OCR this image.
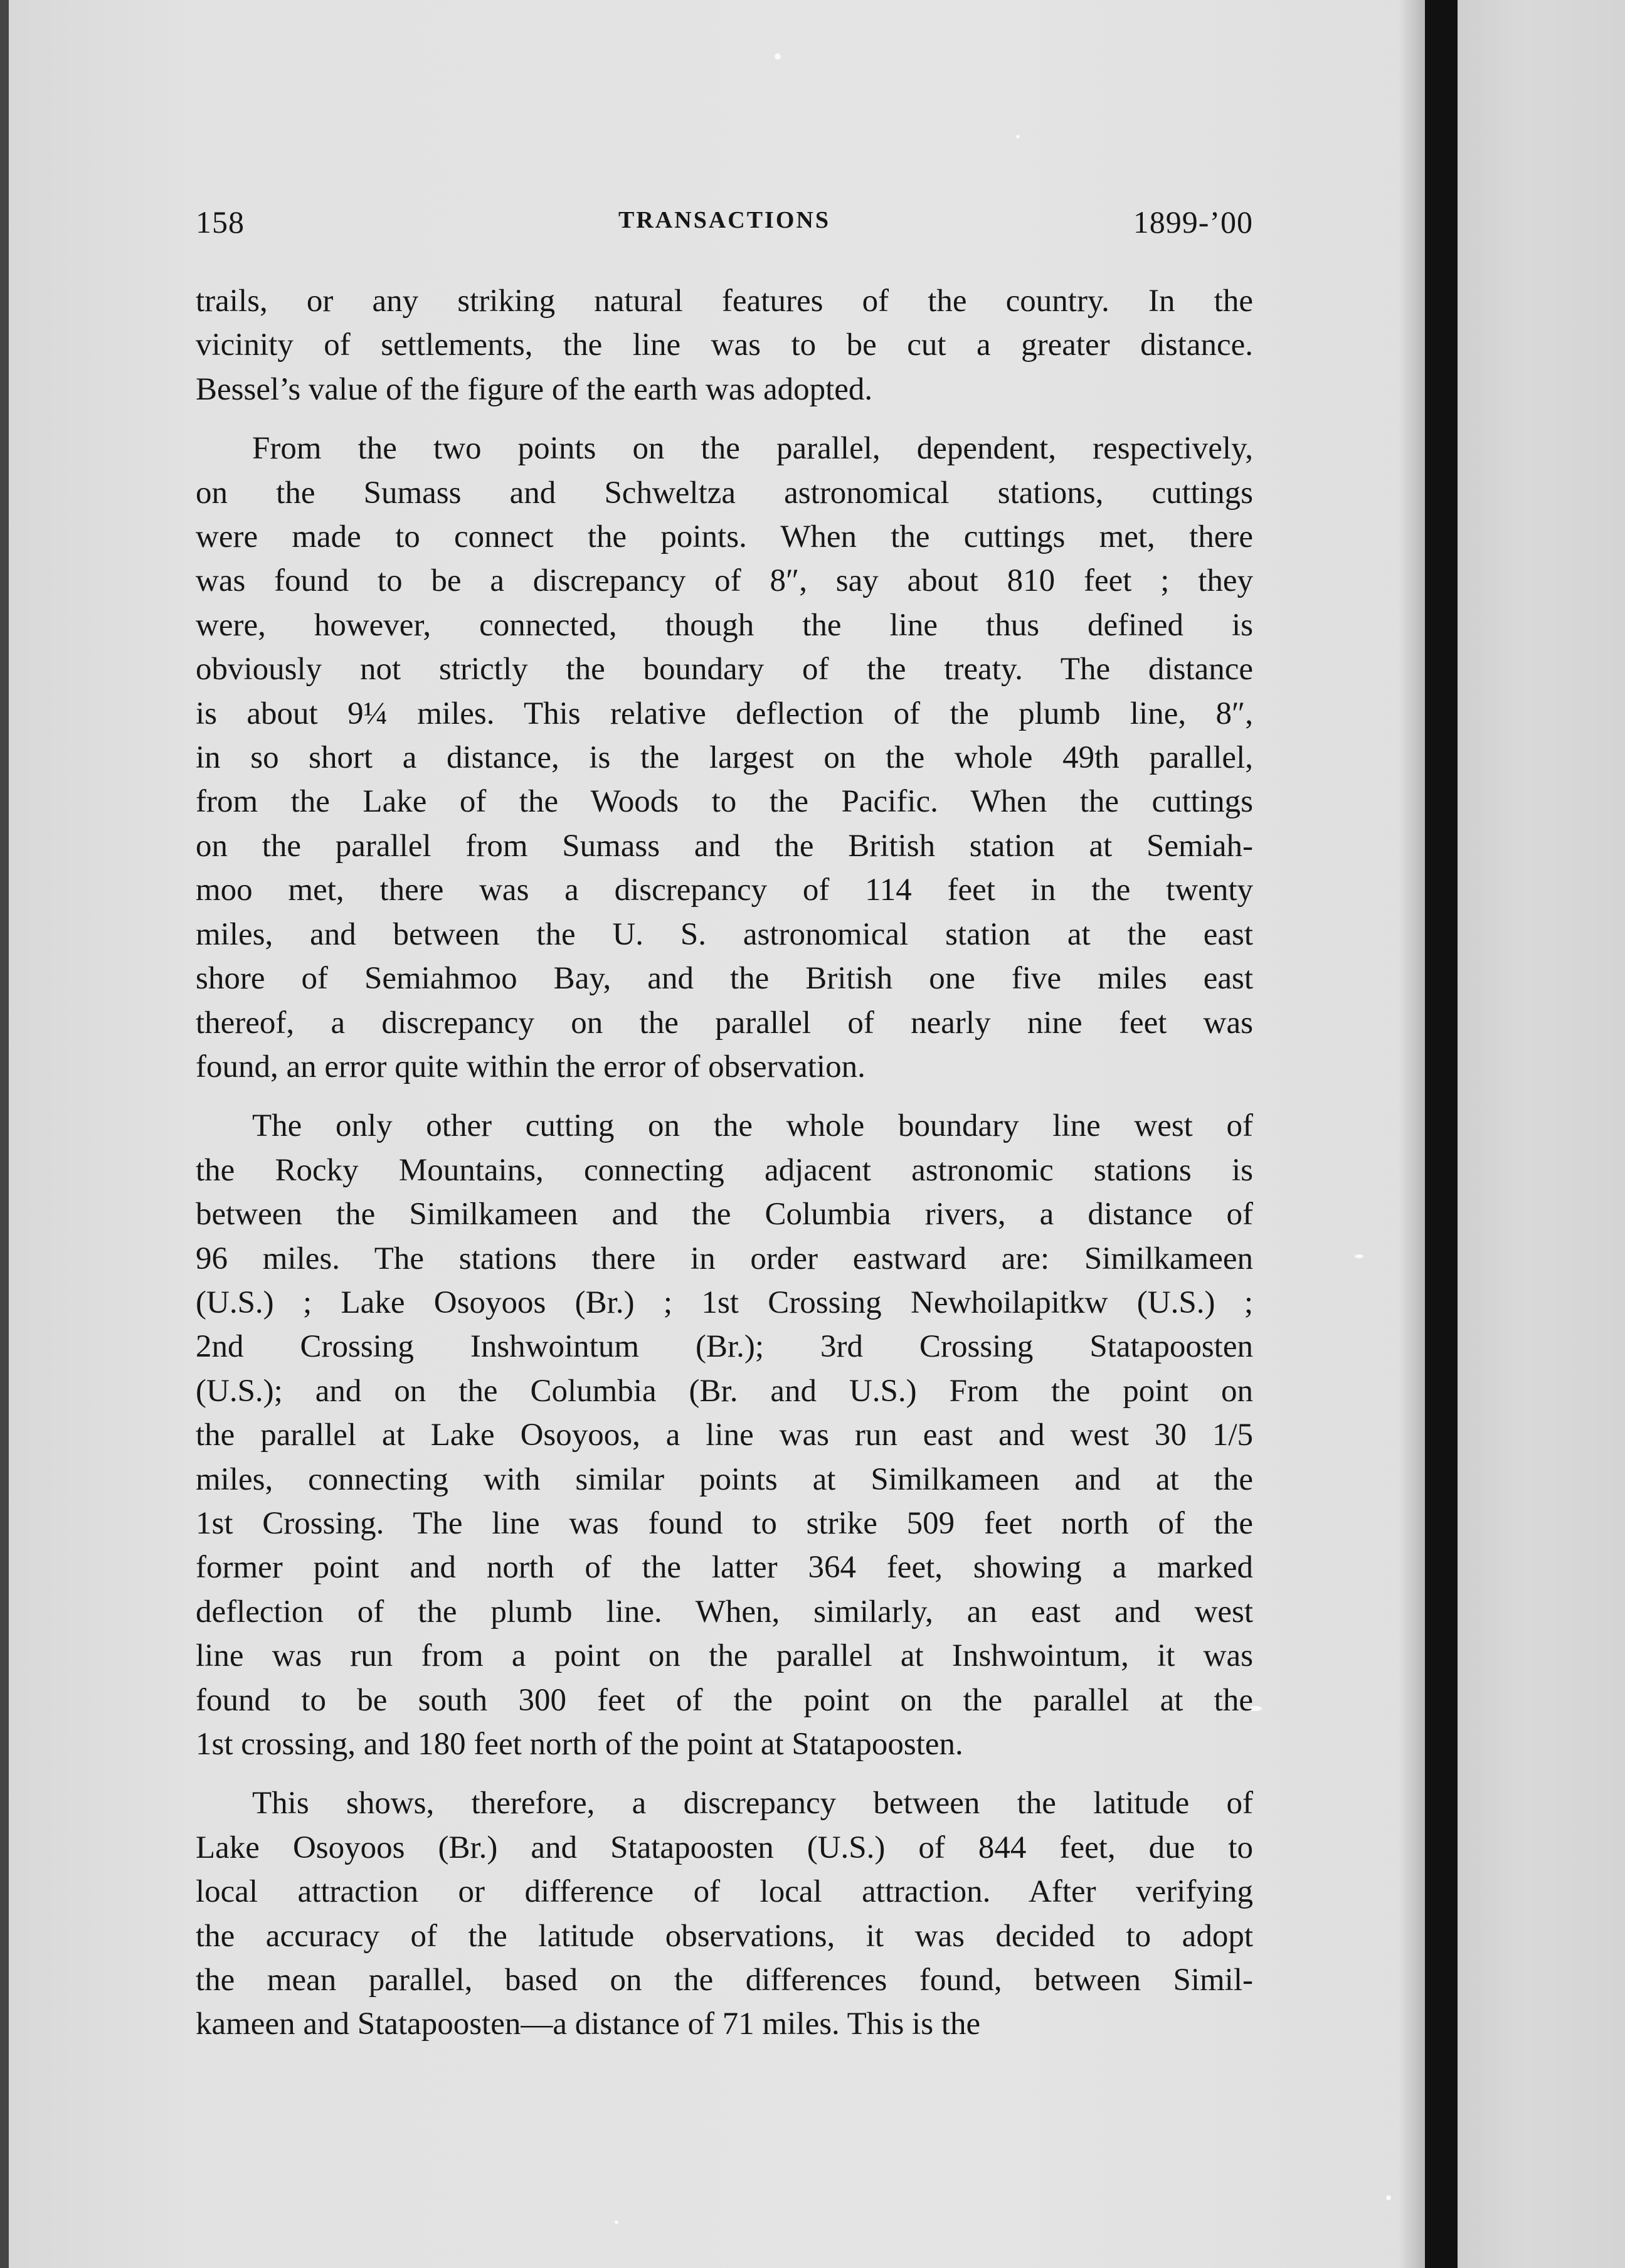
158	TRANSACTIONS	1899-’00

trails, or any striking natural features of the country. In the
vicinity of settlements, the line was to be cut a greater distance.
Bessel’s value of the figure of the earth was adopted.

From the two points on the parallel, dependent, respectively,
on the Sumass and Schweltza astronomical stations, cuttings
were made to connect the points. When the cuttings met, there
was found to be a discrepancy of 8″, say about 810 feet ; they
were, however, connected, though the line thus defined is
obviously not strictly the boundary of the treaty. The distance
is about 9¼ miles. This relative deflection of the plumb line, 8″,
in so short a distance, is the largest on the whole 49th parallel,
from the Lake of the Woods to the Pacific. When the cuttings
on the parallel from Sumass and the British station at Semiah-
moo met, there was a discrepancy of 114 feet in the twenty
miles, and between the U. S. astronomical station at the east
shore of Semiahmoo Bay, and the British one five miles east
thereof, a discrepancy on the parallel of nearly nine feet was
found, an error quite within the error of observation.

The only other cutting on the whole boundary line west of
the Rocky Mountains, connecting adjacent astronomic stations is
between the Similkameen and the Columbia rivers, a distance of
96 miles. The stations there in order eastward are: Similkameen
(U.S.) ; Lake Osoyoos (Br.) ; 1st Crossing Newhoilapitkw (U.S.) ;
2nd Crossing Inshwointum (Br.); 3rd Crossing Statapoosten
(U.S.); and on the Columbia (Br. and U.S.) From the point on
the parallel at Lake Osoyoos, a line was run east and west 30 1/5
miles, connecting with similar points at Similkameen and at the
1st Crossing. The line was found to strike 509 feet north of the
former point and north of the latter 364 feet, showing a marked
deflection of the plumb line. When, similarly, an east and west
line was run from a point on the parallel at Inshwointum, it was
found to be south 300 feet of the point on the parallel at the
1st crossing, and 180 feet north of the point at Statapoosten.

This shows, therefore, a discrepancy between the latitude of
Lake Osoyoos (Br.) and Statapoosten (U.S.) of 844 feet, due to
local attraction or difference of local attraction. After verifying
the accuracy of the latitude observations, it was decided to adopt
the mean parallel, based on the differences found, between Simil-
kameen and Statapoosten—a distance of 71 miles. This is the
